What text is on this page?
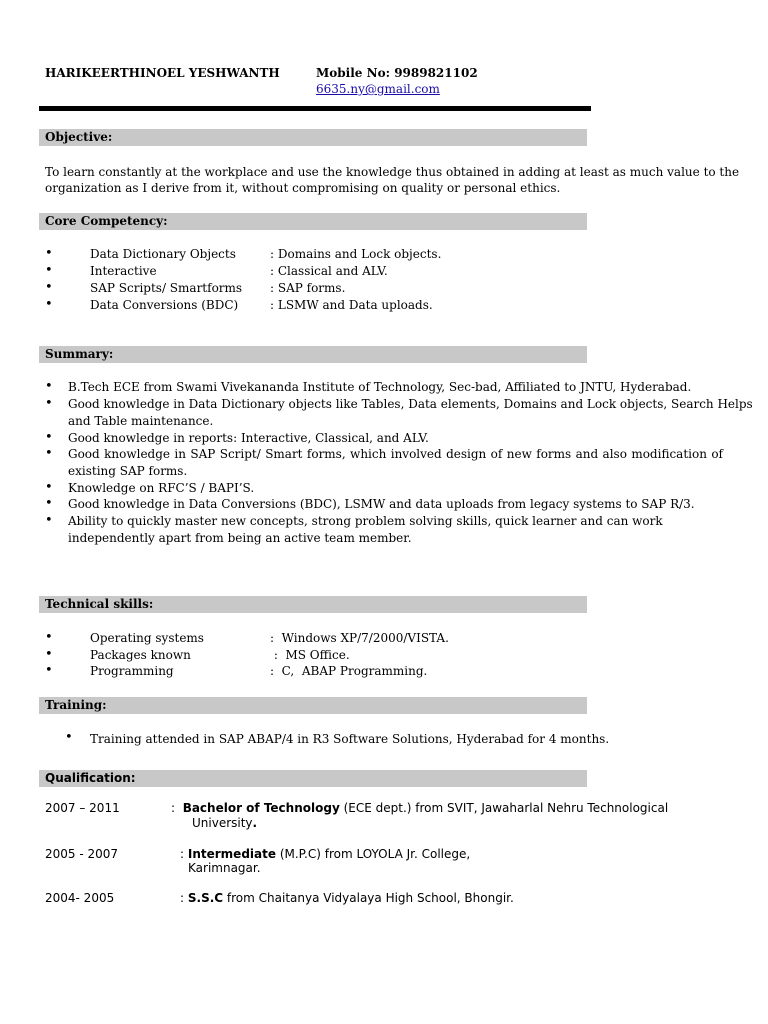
HARIKEERTHINOEL YESHWANTH	Mobile No: 9989821102
6635.ny@gmail.com
Objective:
To learn constantly at the workplace and use the knowledge thus obtained in adding at least as much value to the
organization as I derive from it, without compromising on quality or personal ethics.
Core Competency:
•	Data Dictionary Objects	: Domains and Lock objects.
•	Interactive	: Classical and ALV.
•	SAP Scripts/ Smartforms : SAP forms.
•	Data Conversions (BDC)	: LSMW and Data uploads.
Summary:
• B.Tech ECE from Swami Vivekananda Institute of Technology, Sec-bad, Affiliated to JNTU, Hyderabad.
• Good knowledge in Data Dictionary objects like Tables, Data elements, Domains and Lock objects, Search Helps
and Table maintenance.
• Good knowledge in reports: Interactive, Classical, and ALV.
• Good knowledge in SAP Script/ Smart forms, which involved design of new forms and also modification of
existing SAP forms.
• Knowledge on RFC’S / BAPI’S.
• Good knowledge in Data Conversions (BDC), LSMW and data uploads from legacy systems to SAP R/3.
• Ability to quickly master new concepts, strong problem solving skills, quick learner and can work
independently apart from being an active team member.
Technical skills:
•	Operating systems	:  Windows XP/7/2000/VISTA.
•	Packages known	:  MS Office.
•	Programming	:  C,  ABAP Programming.
Training:
• Training attended in SAP ABAP/4 in R3 Software Solutions, Hyderabad for 4 months.
Qualification:
2007 – 2011	: Bachelor of Technology (ECE dept.) from SVIT, Jawaharlal Nehru Technological
University.
2005 - 2007	: Intermediate (M.P.C) from LOYOLA Jr. College,
Karimnagar.
2004- 2005	: S.S.C from Chaitanya Vidyalaya High School, Bhongir.
